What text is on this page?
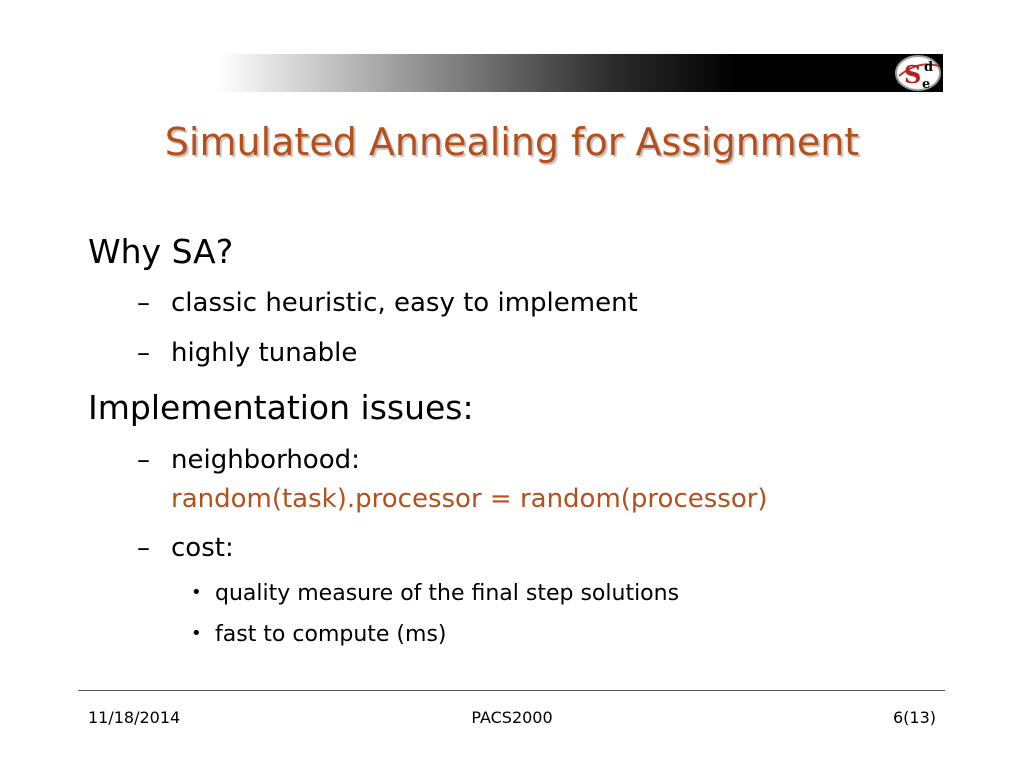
S d
e
Simulated Annealing for Assignment
Why SA?
– classic heuristic, easy to implement
– highly tunable
Implementation issues:
– neighborhood:
random(task).processor = random(processor)
– cost:
• quality measure of the final step solutions
• fast to compute (ms)
11/18/2014	PACS2000	6(13)
